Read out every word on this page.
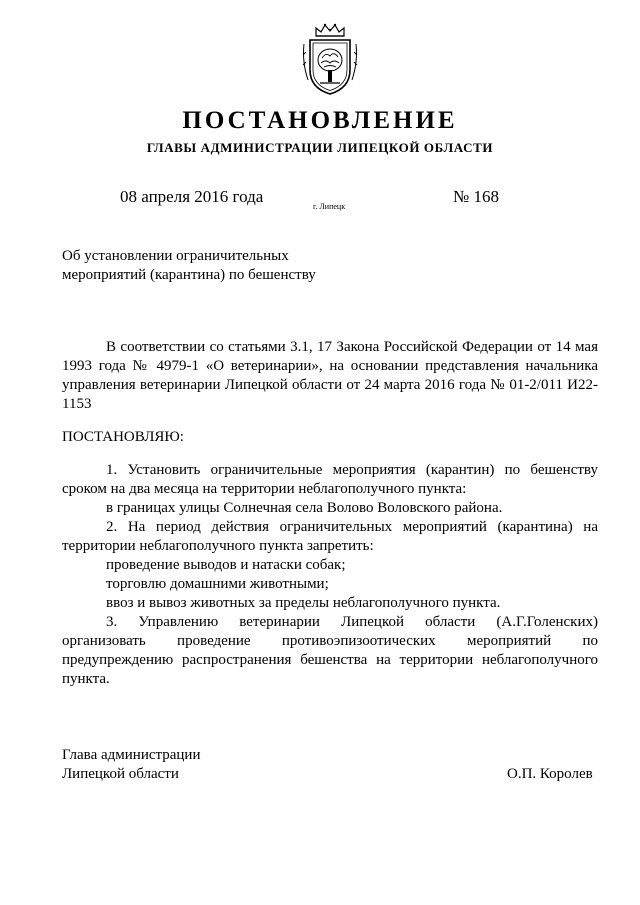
ПОСТАНОВЛЕНИЕ
ГЛАВЫ АДМИНИСТРАЦИИ ЛИПЕЦКОЙ ОБЛАСТИ
08 апреля 2016 года
г. Липецк
№ 168
Об установлении ограничительных
мероприятий (карантина) по бешенству

В соответствии со статьями 3.1, 17 Закона Российской Федерации от 14 мая 1993 года № 4979-1 «О ветеринарии», на основании представления начальника управления ветеринарии Липецкой области от 24 марта 2016 года № 01-2/011 И22-1153

ПОСТАНОВЛЯЮ:

1. Установить ограничительные мероприятия (карантин) по бешенству сроком на два месяца на территории неблагополучного пункта:

в границах улицы Солнечная села Волово Воловского района.

2. На период действия ограничительных мероприятий (карантина) на территории неблагополучного пункта запретить:

проведение выводов и натаски собак;

торговлю домашними животными;

ввоз и вывоз животных за пределы неблагополучного пункта.

3. Управлению ветеринарии Липецкой области (А.Г.Голенских) организовать проведение противоэпизоотических мероприятий по предупреждению распространения бешенства на территории неблагополучного пункта.

Глава администрации
Липецкой области	О.П. Королев
